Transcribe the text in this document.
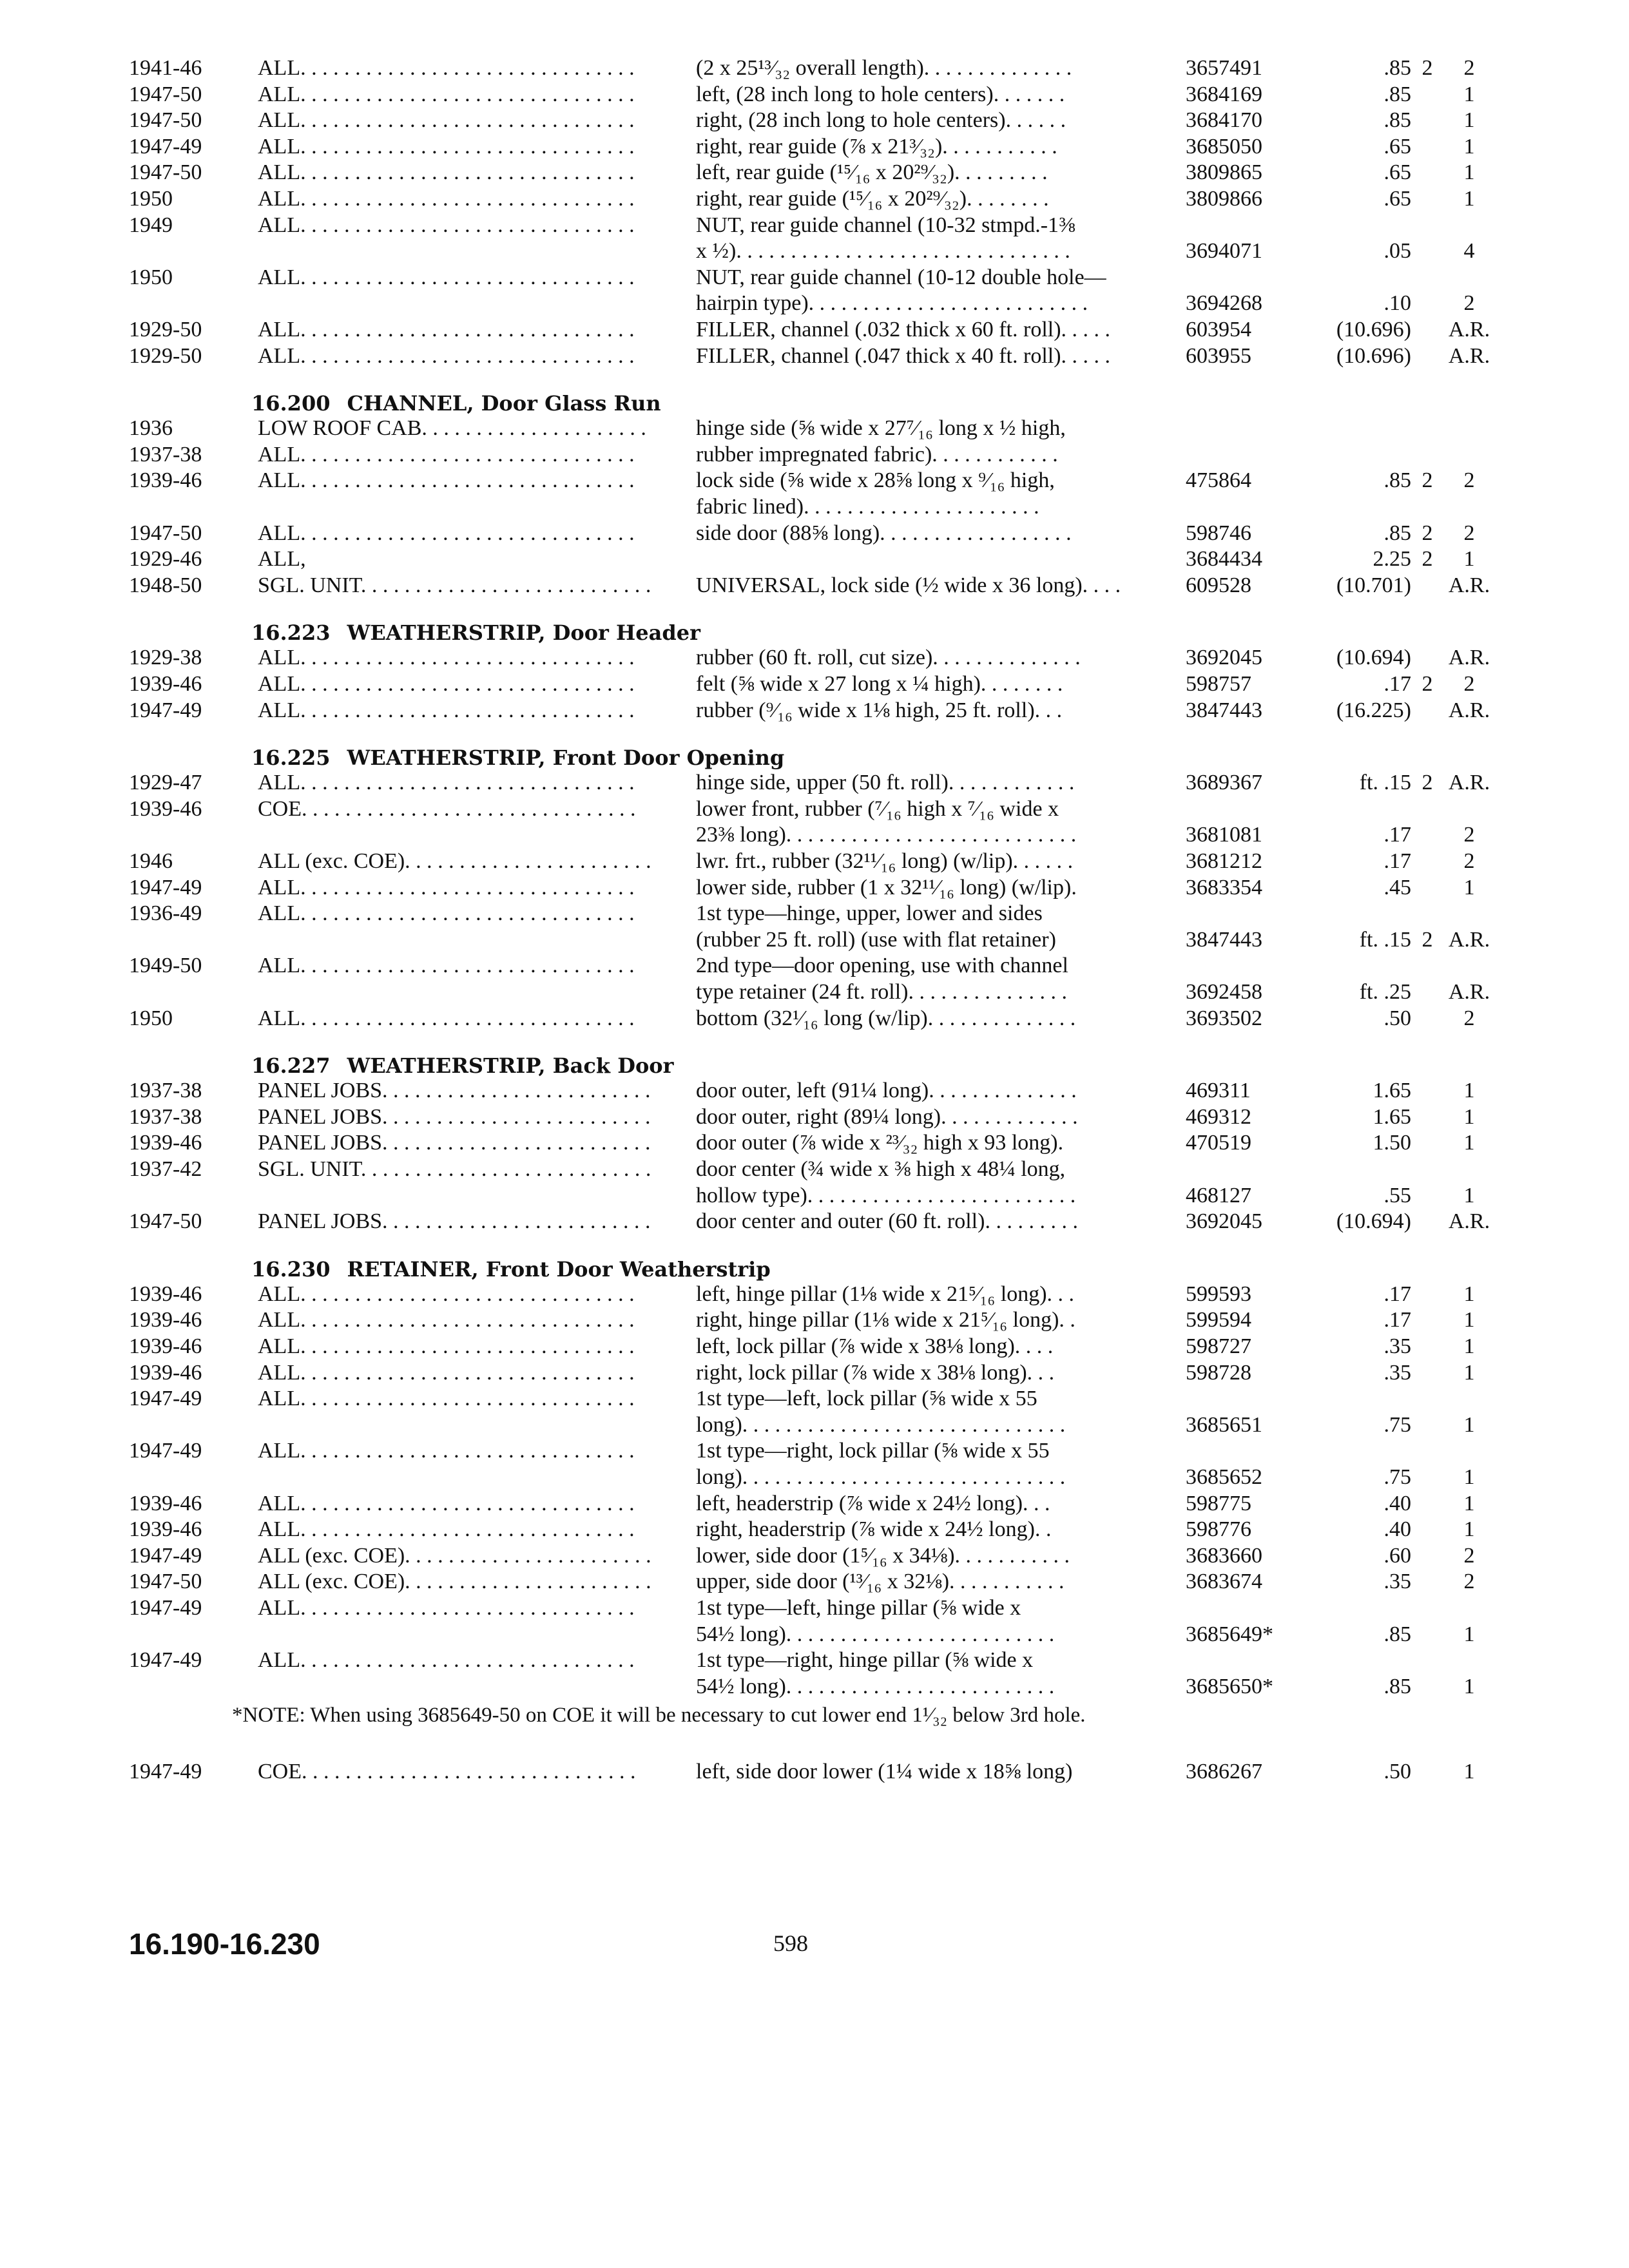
1941-46	ALL. . . . . . . . . . . . . . . . . . . . . . . . . . . . . . .	(2 x 25¹³⁄₃₂ overall length). . . . . . . . . . . . . .	3657491	.85 2	2
1947-50	ALL. . . . . . . . . . . . . . . . . . . . . . . . . . . . . . .	left, (28 inch long to hole centers). . . . . . .	3684169	.85	1
1947-50	ALL. . . . . . . . . . . . . . . . . . . . . . . . . . . . . . .	right, (28 inch long to hole centers). . . . . .	3684170	.85	1
1947-49	ALL. . . . . . . . . . . . . . . . . . . . . . . . . . . . . . .	right, rear guide (⅞ x 21³⁄₃₂). . . . . . . . . . .	3685050	.65	1
1947-50	ALL. . . . . . . . . . . . . . . . . . . . . . . . . . . . . . .	left, rear guide (¹⁵⁄₁₆ x 20²⁹⁄₃₂). . . . . . . . .	3809865	.65	1
1950	ALL. . . . . . . . . . . . . . . . . . . . . . . . . . . . . . .	right, rear guide (¹⁵⁄₁₆ x 20²⁹⁄₃₂). . . . . . . .	3809866	.65	1
1949	ALL. . . . . . . . . . . . . . . . . . . . . . . . . . . . . . .	NUT, rear guide channel (10-32 stmpd.-1⅜
x ½). . . . . . . . . . . . . . . . . . . . . . . . . . . . . . .	3694071	.05	4
1950	ALL. . . . . . . . . . . . . . . . . . . . . . . . . . . . . . .	NUT, rear guide channel (10-12 double hole—
hairpin type). . . . . . . . . . . . . . . . . . . . . . . . . .	3694268	.10	2
1929-50	ALL. . . . . . . . . . . . . . . . . . . . . . . . . . . . . . .	FILLER, channel (.032 thick x 60 ft. roll). . . . .	603954	(10.696)	A.R.
1929-50	ALL. . . . . . . . . . . . . . . . . . . . . . . . . . . . . . .	FILLER, channel (.047 thick x 40 ft. roll). . . . .	603955	(10.696)	A.R.
16.200 CHANNEL, Door Glass Run
1936	LOW ROOF CAB. . . . . . . . . . . . . . . . . . . . .	hinge side (⅝ wide x 27⁷⁄₁₆ long x ½ high,
1937-38	ALL. . . . . . . . . . . . . . . . . . . . . . . . . . . . . . .	rubber impregnated fabric). . . . . . . . . . . .
1939-46	ALL. . . . . . . . . . . . . . . . . . . . . . . . . . . . . . .	lock side (⅝ wide x 28⅝ long x ⁹⁄₁₆ high,	475864	.85 2	2
fabric lined). . . . . . . . . . . . . . . . . . . . . .
1947-50	ALL. . . . . . . . . . . . . . . . . . . . . . . . . . . . . . .	side door (88⅝ long). . . . . . . . . . . . . . . . . .	598746	.85 2	2
1929-46	ALL,	3684434	2.25 2	1
1948-50	SGL. UNIT. . . . . . . . . . . . . . . . . . . . . . . . . . .	UNIVERSAL, lock side (½ wide x 36 long). . . .	609528	(10.701)	A.R.
16.223 WEATHERSTRIP, Door Header
1929-38	ALL. . . . . . . . . . . . . . . . . . . . . . . . . . . . . . .	rubber (60 ft. roll, cut size). . . . . . . . . . . . . .	3692045	(10.694)	A.R.
1939-46	ALL. . . . . . . . . . . . . . . . . . . . . . . . . . . . . . .	felt (⅝ wide x 27 long x ¼ high). . . . . . . .	598757	.17 2	2
1947-49	ALL. . . . . . . . . . . . . . . . . . . . . . . . . . . . . . .	rubber (⁹⁄₁₆ wide x 1⅛ high, 25 ft. roll). . .	3847443	(16.225)	A.R.
16.225 WEATHERSTRIP, Front Door Opening
1929-47	ALL. . . . . . . . . . . . . . . . . . . . . . . . . . . . . . .	hinge side, upper (50 ft. roll). . . . . . . . . . . .	3689367	ft. .15 2 A.R.
1939-46	COE. . . . . . . . . . . . . . . . . . . . . . . . . . . . . . .	lower front, rubber (⁷⁄₁₆ high x ⁷⁄₁₆ wide x
23⅜ long). . . . . . . . . . . . . . . . . . . . . . . . . . .	3681081	.17	2
1946	ALL (exc. COE). . . . . . . . . . . . . . . . . . . . . . .	lwr. frt., rubber (32¹¹⁄₁₆ long) (w/lip). . . . . .	3681212	.17	2
1947-49	ALL. . . . . . . . . . . . . . . . . . . . . . . . . . . . . . .	lower side, rubber (1 x 32¹¹⁄₁₆ long) (w/lip).	3683354	.45	1
1936-49	ALL. . . . . . . . . . . . . . . . . . . . . . . . . . . . . . .	1st type—hinge, upper, lower and sides
(rubber 25 ft. roll) (use with flat retainer)	3847443	ft. .15 2 A.R.
1949-50	ALL. . . . . . . . . . . . . . . . . . . . . . . . . . . . . . .	2nd type—door opening, use with channel
type retainer (24 ft. roll). . . . . . . . . . . . . . .	3692458	ft. .25	A.R.
1950	ALL. . . . . . . . . . . . . . . . . . . . . . . . . . . . . . .	bottom (32¹⁄₁₆ long (w/lip). . . . . . . . . . . . . .	3693502	.50	2
16.227 WEATHERSTRIP, Back Door
1937-38	PANEL JOBS. . . . . . . . . . . . . . . . . . . . . . . . .	door outer, left (91¼ long). . . . . . . . . . . . . .	469311	1.65	1
1937-38	PANEL JOBS. . . . . . . . . . . . . . . . . . . . . . . . .	door outer, right (89¼ long). . . . . . . . . . . . .	469312	1.65	1
1939-46	PANEL JOBS. . . . . . . . . . . . . . . . . . . . . . . . .	door outer (⅞ wide x ²³⁄₃₂ high x 93 long).	470519	1.50	1
1937-42	SGL. UNIT. . . . . . . . . . . . . . . . . . . . . . . . . . .	door center (¾ wide x ⅜ high x 48¼ long,
hollow type). . . . . . . . . . . . . . . . . . . . . . . . .	468127	.55	1
1947-50	PANEL JOBS. . . . . . . . . . . . . . . . . . . . . . . . .	door center and outer (60 ft. roll). . . . . . . . .	3692045	(10.694)	A.R.
16.230 RETAINER, Front Door Weatherstrip
1939-46	ALL. . . . . . . . . . . . . . . . . . . . . . . . . . . . . . .	left, hinge pillar (1⅛ wide x 21⁵⁄₁₆ long). . .	599593	.17	1
1939-46	ALL. . . . . . . . . . . . . . . . . . . . . . . . . . . . . . .	right, hinge pillar (1⅛ wide x 21⁵⁄₁₆ long). .	599594	.17	1
1939-46	ALL. . . . . . . . . . . . . . . . . . . . . . . . . . . . . . .	left, lock pillar (⅞ wide x 38⅛ long). . . .	598727	.35	1
1939-46	ALL. . . . . . . . . . . . . . . . . . . . . . . . . . . . . . .	right, lock pillar (⅞ wide x 38⅛ long). . .	598728	.35	1
1947-49	ALL. . . . . . . . . . . . . . . . . . . . . . . . . . . . . . .	1st type—left, lock pillar (⅝ wide x 55
long). . . . . . . . . . . . . . . . . . . . . . . . . . . . . .	3685651	.75	1
1947-49	ALL. . . . . . . . . . . . . . . . . . . . . . . . . . . . . . .	1st type—right, lock pillar (⅝ wide x 55
long). . . . . . . . . . . . . . . . . . . . . . . . . . . . . .	3685652	.75	1
1939-46	ALL. . . . . . . . . . . . . . . . . . . . . . . . . . . . . . .	left, headerstrip (⅞ wide x 24½ long). . .	598775	.40	1
1939-46	ALL. . . . . . . . . . . . . . . . . . . . . . . . . . . . . . .	right, headerstrip (⅞ wide x 24½ long). .	598776	.40	1
1947-49	ALL (exc. COE). . . . . . . . . . . . . . . . . . . . . . .	lower, side door (1⁵⁄₁₆ x 34⅛). . . . . . . . . . .	3683660	.60	2
1947-50	ALL (exc. COE). . . . . . . . . . . . . . . . . . . . . . .	upper, side door (¹³⁄₁₆ x 32⅛). . . . . . . . . . .	3683674	.35	2
1947-49	ALL. . . . . . . . . . . . . . . . . . . . . . . . . . . . . . .	1st type—left, hinge pillar (⅝ wide x
54½ long). . . . . . . . . . . . . . . . . . . . . . . . .	3685649*	.85	1
1947-49	ALL. . . . . . . . . . . . . . . . . . . . . . . . . . . . . . .	1st type—right, hinge pillar (⅝ wide x
54½ long). . . . . . . . . . . . . . . . . . . . . . . . .	3685650*	.85	1
*NOTE: When using 3685649-50 on COE it will be necessary to cut lower end 1¹⁄₃₂ below 3rd hole.
1947-49	COE. . . . . . . . . . . . . . . . . . . . . . . . . . . . . . .	left, side door lower (1¼ wide x 18⅝ long)	3686267	.50	1
16.190-16.230	598
